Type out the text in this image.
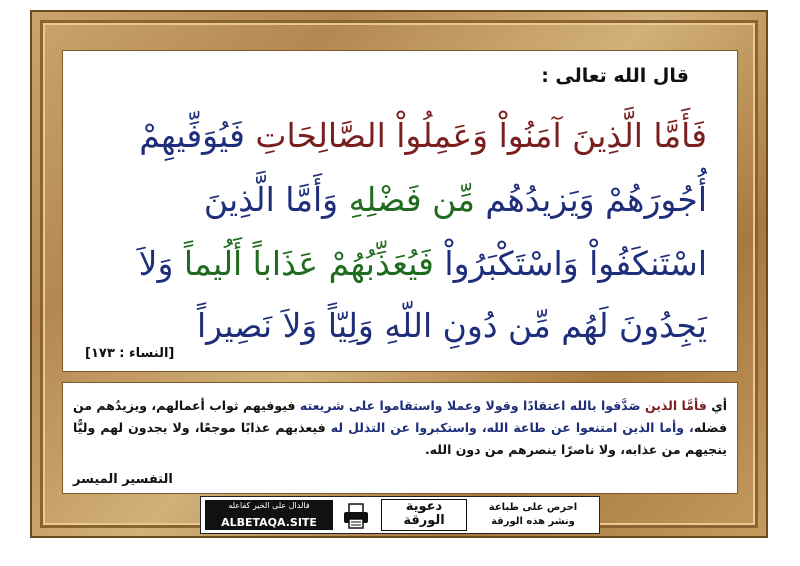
قال الله تعالى :
فَأَمَّا الَّذِينَ آمَنُواْ وَعَمِلُواْ الصَّالِحَاتِ فَيُوَفِّيهِمْ
أُجُورَهُمْ وَيَزيدُهُم مِّن فَضْلِهِ وَأَمَّا الَّذِينَ
اسْتَنكَفُواْ وَاسْتَكْبَرُواْ فَيُعَذِّبُهُمْ عَذَاباً أَلُيماً وَلاَ
يَجِدُونَ لَهُم مِّن دُونِ اللّهِ وَلِيّاً وَلاَ نَصِيراً
[النساء : ١٧٣]
أي فأمَّا الذين صَدَّقوا بالله اعتقادًا وقولا وعملا واستقاموا على شريعته فيوفيهم ثواب أعمالهم، ويزيدُهم من فضله، وأما الذين امتنعوا عن طاعة الله، واستكبروا عن التذلل له فيعذبهم عذابًا موجعًا، ولا يجدون لهم وليًّا ينجيهم من عذابه، ولا ناصرًا ينصرهم من دون الله.
التفسير الميسر
فالدال على الخير كفاعله
ALBETAQA.SITE
دعوية
الورقة
احرص على طباعة
ونشر هذه الورقة
